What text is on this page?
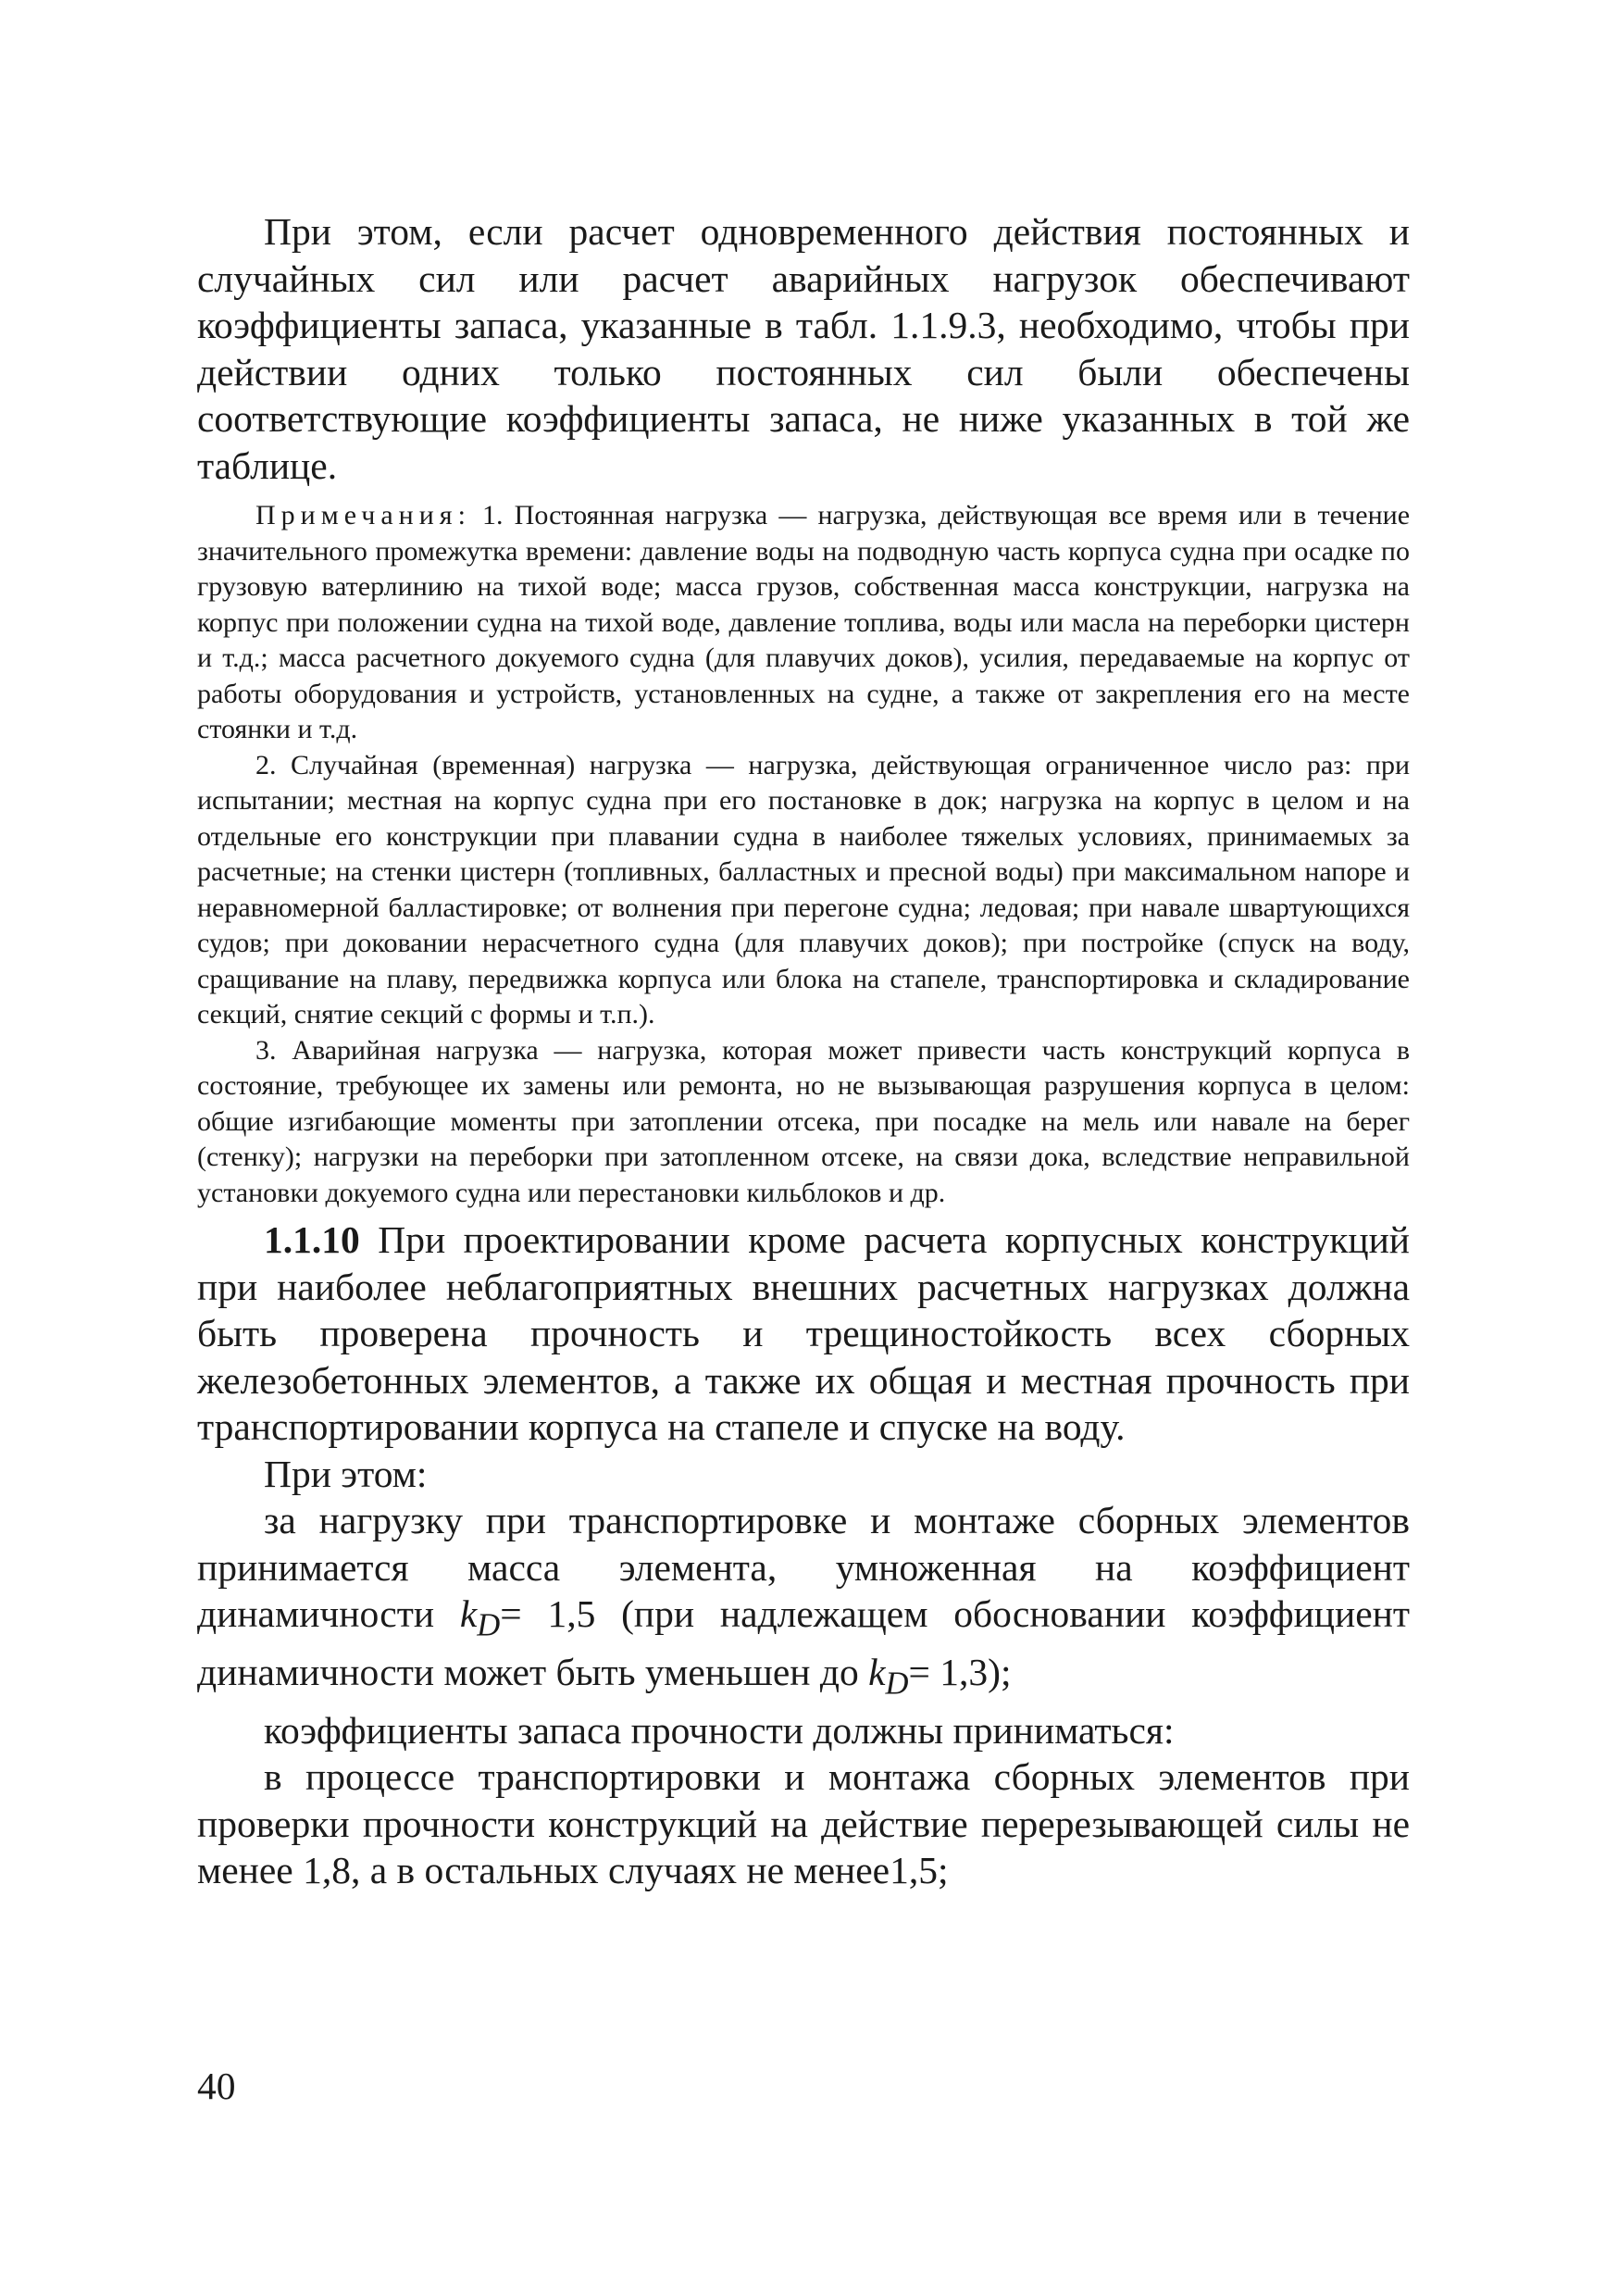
При этом, если расчет одновременного действия постоянных и случайных сил или расчет аварийных нагрузок обеспечивают коэффициенты запаса, указанные в табл. 1.1.9.3, необходимо, чтобы при действии одних только постоянных сил были обеспечены соответствующие коэффициенты запаса, не ниже указанных в той же таблице.

Примечания: 1. Постоянная нагрузка — нагрузка, действующая все время или в течение значительного промежутка времени: давление воды на подводную часть корпуса судна при осадке по грузовую ватерлинию на тихой воде; масса грузов, собственная масса конструкции, нагрузка на корпус при положении судна на тихой воде, давление топлива, воды или масла на переборки цистерн и т.д.; масса расчетного докуемого судна (для плавучих доков), усилия, передаваемые на корпус от работы оборудования и устройств, установленных на судне, а также от закрепления его на месте стоянки и т.д.

2. Случайная (временная) нагрузка — нагрузка, действующая ограниченное число раз: при испытании; местная на корпус судна при его постановке в док; нагрузка на корпус в целом и на отдельные его конструкции при плавании судна в наиболее тяжелых условиях, принимаемых за расчетные; на стенки цистерн (топливных, балластных и пресной воды) при максимальном напоре и неравномерной балластировке; от волнения при перегоне судна; ледовая; при навале швартующихся судов; при доковании нерасчетного судна (для плавучих доков); при постройке (спуск на воду, сращивание на плаву, передвижка корпуса или блока на стапеле, транспортировка и складирование секций, снятие секций с формы и т.п.).

3. Аварийная нагрузка — нагрузка, которая может привести часть конструкций корпуса в состояние, требующее их замены или ремонта, но не вызывающая разрушения корпуса в целом: общие изгибающие моменты при затоплении отсека, при посадке на мель или навале на берег (стенку); нагрузки на переборки при затопленном отсеке, на связи дока, вследствие неправильной установки докуемого судна или перестановки кильблоков и др.

1.1.10 При проектировании кроме расчета корпусных конструкций при наиболее неблагоприятных внешних расчетных нагрузках должна быть проверена прочность и трещиностойкость всех сборных железобетонных элементов, а также их общая и местная прочность при транспортировании корпуса на стапеле и спуске на воду.

При этом:

за нагрузку при транспортировке и монтаже сборных элементов принимается масса элемента, умноженная на коэффициент динамичности $k_D= 1,5$ (при надлежащем обосновании коэффициент динамичности может быть уменьшен до $k_D= 1,3$);

коэффициенты запаса прочности должны приниматься:

в процессе транспортировки и монтажа сборных элементов при проверки прочности конструкций на действие перерезывающей силы не менее 1,8, а в остальных случаях не менее1,5;

40
